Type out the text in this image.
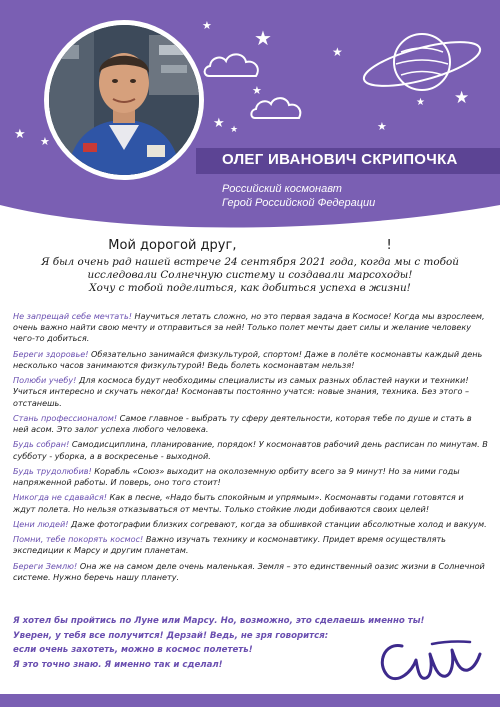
★ ★
★
★
★
★
★	★
★
★
★
ОЛЕГ ИВАНОВИЧ СКРИПОЧКА
Российский космонавт
Герой Российской Федерации
Мой дорогой друг,	!
Я был очень рад нашей встрече 24 сентября 2021 года, когда мы с тобой
исследовали Солнечную систему и создавали марсоходы!
Хочу с тобой поделиться, как добиться успеха в жизни!
Не запрещай себе мечтать! Научиться летать сложно, но это первая задача в Космосе! Когда мы взрослеем, очень важно найти свою мечту и отправиться за ней! Только полет мечты дает силы и желание человеку чего-то добиться.
Береги здоровье! Обязательно занимайся физкультурой, спортом! Даже в полёте космонавты каждый день несколько часов занимаются физкультурой! Ведь болеть космонавтам нельзя!
Полюби учебу! Для космоса будут необходимы специалисты из самых разных областей науки и техники! Учиться интересно и скучать некогда! Космонавты постоянно учатся: новые знания, техника. Без этого – отстанешь.
Стань профессионалом! Самое главное - выбрать ту сферу деятельности, которая тебе по душе и стать в ней асом. Это залог успеха любого человека.
Будь собран! Самодисциплина, планирование, порядок! У космонавтов рабочий день расписан по минутам. В субботу - уборка, а в воскресенье - выходной.
Будь трудолюбив! Корабль «Союз» выходит на околоземную орбиту всего за 9 минут! Но за ними годы напряженной работы. И поверь, оно того стоит!
Никогда не сдавайся! Как в песне, «Надо быть спокойным и упрямым». Космонавты годами готовятся и ждут полета. Но нельзя отказываться от мечты. Только стойкие люди добиваются своих целей!
Цени людей! Даже фотографии близких согревают, когда за обшивкой станции абсолютные холод и вакуум.
Помни, тебе покорять космос! Важно изучать технику и космонавтику. Придет время осуществлять экспедиции к Марсу и другим планетам.
Береги Землю! Она же на самом деле очень маленькая. Земля – это единственный оазис жизни в Солнечной системе. Нужно беречь нашу планету.
Я хотел бы пройтись по Луне или Марсу. Но, возможно, это сделаешь именно ты!
Уверен, у тебя все получится! Дерзай! Ведь, не зря говорится:
если очень захотеть, можно в космос полететь!
Я это точно знаю. Я именно так и сделал!
